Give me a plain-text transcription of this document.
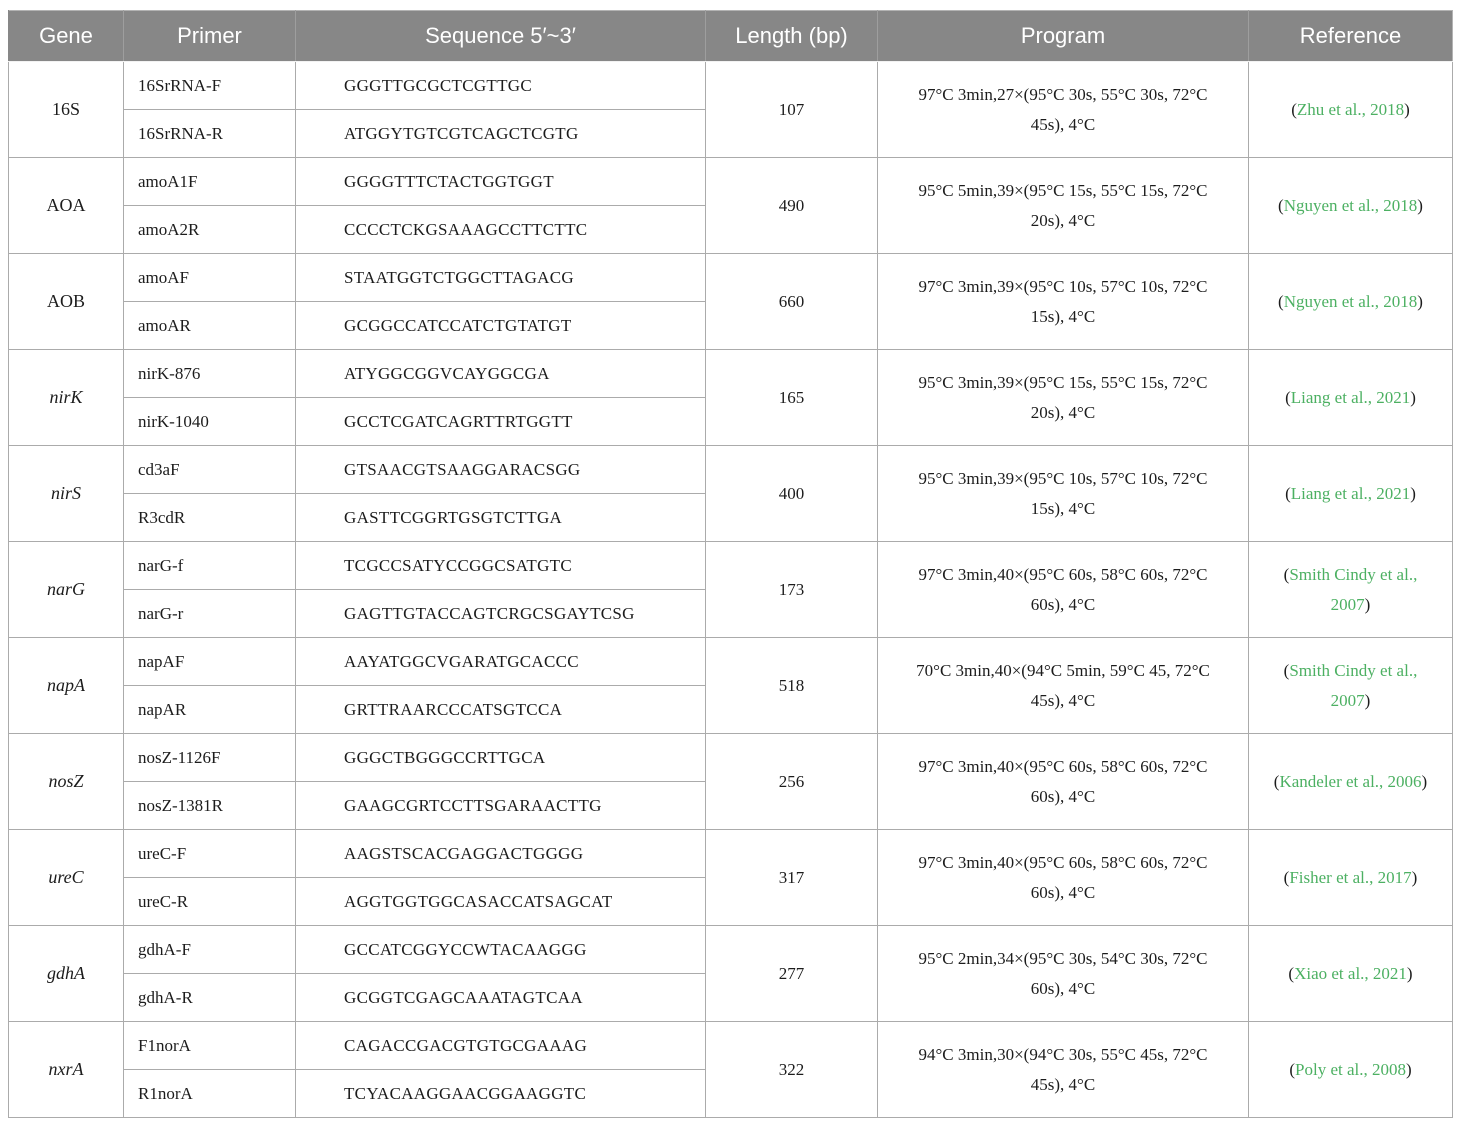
Gene	Primer	Sequence 5′~3′	Length (bp)	Program	Reference
16S	16SrRNA-F	GGGTTGCGCTCGTTGC	107	97°C 3min,27×(95°C 30s, 55°C 30s, 72°C 45s), 4°C	(Zhu et al., 2018)
	16SrRNA-R	ATGGYTGTCGTCAGCTCGTG			
AOA	amoA1F	GGGGTTTCTACTGGTGGT	490	95°C 5min,39×(95°C 15s, 55°C 15s, 72°C 20s), 4°C	(Nguyen et al., 2018)
	amoA2R	CCCCTCKGSAAAGCCTTCTTC			
AOB	amoAF	STAATGGTCTGGCTTAGACG	660	97°C 3min,39×(95°C 10s, 57°C 10s, 72°C 15s), 4°C	(Nguyen et al., 2018)
	amoAR	GCGGCCATCCATCTGTATGT			
nirK	nirK-876	ATYGGCGGVCAYGGCGA	165	95°C 3min,39×(95°C 15s, 55°C 15s, 72°C 20s), 4°C	(Liang et al., 2021)
	nirK-1040	GCCTCGATCAGRTTRTGGTT			
nirS	cd3aF	GTSAACGTSAAGGARACSGG	400	95°C 3min,39×(95°C 10s, 57°C 10s, 72°C 15s), 4°C	(Liang et al., 2021)
	R3cdR	GASTTCGGRTGSGTCTTGA			
narG	narG-f	TCGCCSATYCCGGCSATGTC	173	97°C 3min,40×(95°C 60s, 58°C 60s, 72°C 60s), 4°C	(Smith Cindy et al., 2007)
	narG-r	GAGTTGTACCAGTCRGCSGAYTCSG			
napA	napAF	AAYATGGCVGARATGCACCC	518	70°C 3min,40×(94°C 5min, 59°C 45, 72°C 45s), 4°C	(Smith Cindy et al., 2007)
	napAR	GRTTRAARCCCATSGTCCA			
nosZ	nosZ-1126F	GGGCTBGGGCCRTTGCA	256	97°C 3min,40×(95°C 60s, 58°C 60s, 72°C 60s), 4°C	(Kandeler et al., 2006)
	nosZ-1381R	GAAGCGRTCCTTSGARAACTTG			
ureC	ureC-F	AAGSTSCACGAGGACTGGGG	317	97°C 3min,40×(95°C 60s, 58°C 60s, 72°C 60s), 4°C	(Fisher et al., 2017)
	ureC-R	AGGTGGTGGCASACCATSAGCAT			
gdhA	gdhA-F	GCCATCGGYCCWTACAAGGG	277	95°C 2min,34×(95°C 30s, 54°C 30s, 72°C 60s), 4°C	(Xiao et al., 2021)
	gdhA-R	GCGGTCGAGCAAATAGTCAA			
nxrA	F1norA	CAGACCGACGTGTGCGAAAG	322	94°C 3min,30×(94°C 30s, 55°C 45s, 72°C 45s), 4°C	(Poly et al., 2008)
	R1norA	TCYACAAGGAACGGAAGGTC			
